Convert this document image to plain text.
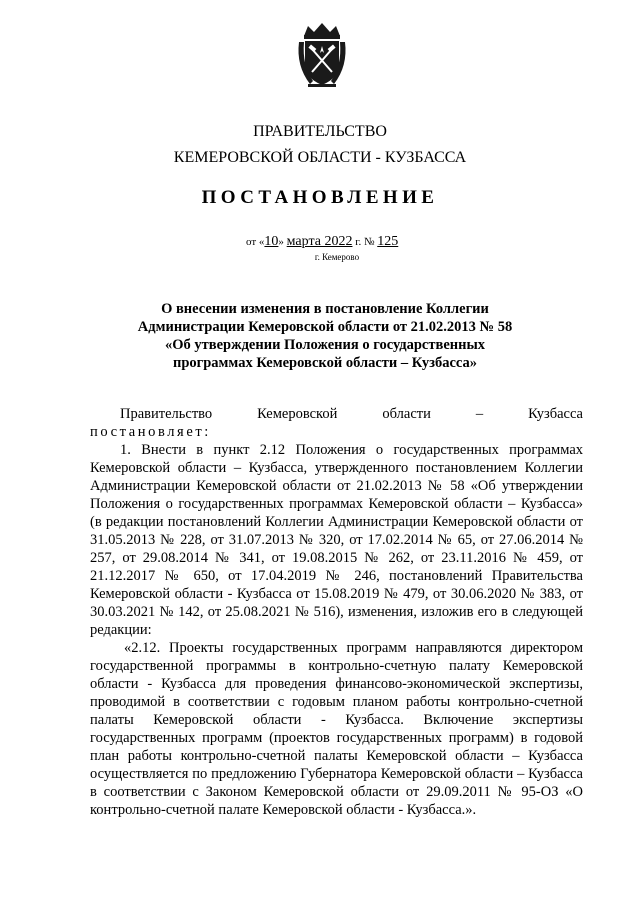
ПРАВИТЕЛЬСТВО
КЕМЕРОВСКОЙ ОБЛАСТИ - КУЗБАССА
ПОСТАНОВЛЕНИЕ
от «10» марта 2022 г. № 125
г. Кемерово
О внесении изменения в постановление Коллегии
Администрации Кемеровской области от 21.02.2013 № 58
«Об утверждении Положения о государственных
программах Кемеровской области – Кузбасса»
Правительство	Кемеровской	области	–	Кузбасса

постановляет:

1. Внести в пункт 2.12 Положения о государственных программах Кемеровской области – Кузбасса, утвержденного постановлением Коллегии Администрации Кемеровской области от 21.02.2013 № 58 «Об утверждении Положения о государственных программах Кемеровской области – Кузбасса» (в редакции постановлений Коллегии Администрации Кемеровской области от 31.05.2013 № 228, от 31.07.2013 № 320, от 17.02.2014 № 65, от 27.06.2014 № 257, от 29.08.2014 № 341, от 19.08.2015 № 262, от 23.11.2016 № 459, от 21.12.2017 № 650, от 17.04.2019 № 246, постановлений Правительства Кемеровской области - Кузбасса от 15.08.2019 № 479, от 30.06.2020 № 383, от 30.03.2021 № 142, от 25.08.2021 № 516), изменения, изложив его в следующей редакции:

«2.12. Проекты государственных программ направляются директором государственной программы в контрольно-счетную палату Кемеровской области - Кузбасса для проведения финансово-экономической экспертизы, проводимой в соответствии с годовым планом работы контрольно-счетной палаты Кемеровской области - Кузбасса. Включение экспертизы государственных программ (проектов государственных программ) в годовой план работы контрольно-счетной палаты Кемеровской области – Кузбасса осуществляется по предложению Губернатора Кемеровской области – Кузбасса в соответствии с Законом Кемеровской области от 29.09.2011 № 95-ОЗ «О контрольно-счетной палате Кемеровской области - Кузбасса.».
